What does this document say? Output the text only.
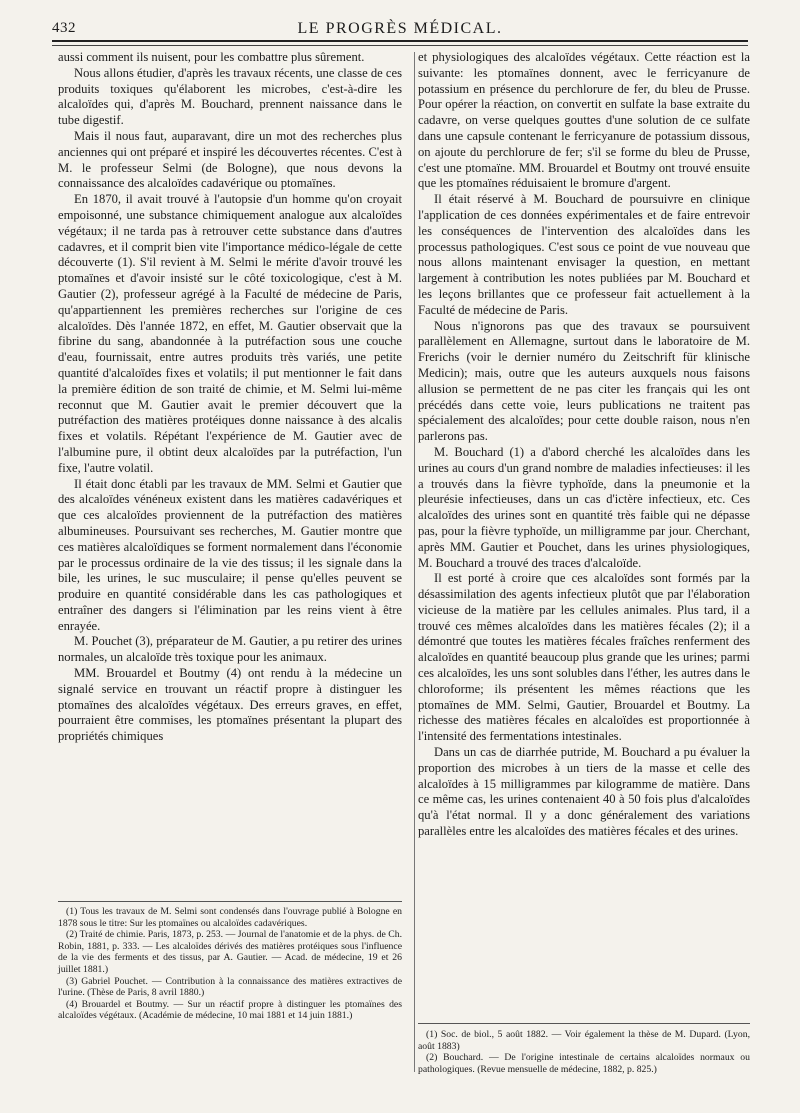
432	LE PROGRÈS MÉDICAL.

aussi comment ils nuisent, pour les combattre plus sûrement.

Nous allons étudier, d'après les travaux récents, une classe de ces produits toxiques qu'élaborent les microbes, c'est-à-dire les alcaloïdes qui, d'après M. Bouchard, prennent naissance dans le tube digestif.

Mais il nous faut, auparavant, dire un mot des recherches plus anciennes qui ont préparé et inspiré les découvertes récentes. C'est à M. le professeur Selmi (de Bologne), que nous devons la connaissance des alcaloïdes cadavérique ou ptomaïnes.

En 1870, il avait trouvé à l'autopsie d'un homme qu'on croyait empoisonné, une substance chimiquement analogue aux alcaloïdes végétaux; il ne tarda pas à retrouver cette substance dans d'autres cadavres, et il comprit bien vite l'importance médico-légale de cette découverte (1). S'il revient à M. Selmi le mérite d'avoir trouvé les ptomaïnes et d'avoir insisté sur le côté toxicologique, c'est à M. Gautier (2), professeur agrégé à la Faculté de médecine de Paris, qu'appartiennent les premières recherches sur l'origine de ces alcaloïdes. Dès l'année 1872, en effet, M. Gautier observait que la fibrine du sang, abandonnée à la putréfaction sous une couche d'eau, fournissait, entre autres produits très variés, une petite quantité d'alcaloïdes fixes et volatils; il put mentionner le fait dans la première édition de son traité de chimie, et M. Selmi lui-même reconnut que M. Gautier avait le premier découvert que la putréfaction des matières protéiques donne naissance à des alcalis fixes et volatils. Répétant l'expérience de M. Gautier avec de l'albumine pure, il obtint deux alcaloïdes par la putréfaction, l'un fixe, l'autre volatil.

Il était donc établi par les travaux de MM. Selmi et Gautier que des alcaloïdes vénéneux existent dans les matières cadavériques et que ces alcaloïdes proviennent de la putréfaction des matières albumineuses. Poursuivant ses recherches, M. Gautier montre que ces matières alcaloïdiques se forment normalement dans l'économie par le processus ordinaire de la vie des tissus; il les signale dans la bile, les urines, le suc musculaire; il pense qu'elles peuvent se produire en quantité considérable dans les cas pathologiques et entraîner des dangers si l'élimination par les reins vient à être enrayée.

M. Pouchet (3), préparateur de M. Gautier, a pu retirer des urines normales, un alcaloïde très toxique pour les animaux.

MM. Brouardel et Boutmy (4) ont rendu à la médecine un signalé service en trouvant un réactif propre à distinguer les ptomaïnes des alcaloïdes végétaux. Des erreurs graves, en effet, pourraient être commises, les ptomaïnes présentant la plupart des propriétés chimiques

(1) Tous les travaux de M. Selmi sont condensés dans l'ouvrage publié à Bologne en 1878 sous le titre: Sur les ptomaïnes ou alcaloïdes cadavériques.

(2) Traité de chimie. Paris, 1873, p. 253. — Journal de l'anatomie et de la phys. de Ch. Robin, 1881, p. 333. — Les alcaloïdes dérivés des matières protéiques sous l'influence de la vie des ferments et des tissus, par A. Gautier. — Acad. de médecine, 19 et 26 juillet 1881.)

(3) Gabriel Pouchet. — Contribution à la connaissance des matières extractives de l'urine. (Thèse de Paris, 8 avril 1880.)

(4) Brouardel et Boutmy. — Sur un réactif propre à distinguer les ptomaïnes des alcaloïdes végétaux. (Académie de médecine, 10 mai 1881 et 14 juin 1881.)

et physiologiques des alcaloïdes végétaux. Cette réaction est la suivante: les ptomaïnes donnent, avec le ferricyanure de potassium en présence du perchlorure de fer, du bleu de Prusse. Pour opérer la réaction, on convertit en sulfate la base extraite du cadavre, on verse quelques gouttes d'une solution de ce sulfate dans une capsule contenant le ferricyanure de potassium dissous, on ajoute du perchlorure de fer; s'il se forme du bleu de Prusse, c'est une ptomaïne. MM. Brouardel et Boutmy ont trouvé ensuite que les ptomaïnes réduisaient le bromure d'argent.

Il était réservé à M. Bouchard de poursuivre en clinique l'application de ces données expérimentales et de faire entrevoir les conséquences de l'intervention des alcaloïdes dans les processus pathologiques. C'est sous ce point de vue nouveau que nous allons maintenant envisager la question, en mettant largement à contribution les notes publiées par M. Bouchard et les leçons brillantes que ce professeur fait actuellement à la Faculté de médecine de Paris.

Nous n'ignorons pas que des travaux se poursuivent parallèlement en Allemagne, surtout dans le laboratoire de M. Frerichs (voir le dernier numéro du Zeitschrift für klinische Medicin); mais, outre que les auteurs auxquels nous faisons allusion se permettent de ne pas citer les français qui les ont précédés dans cette voie, leurs publications ne traitent pas spécialement des alcaloïdes; pour cette double raison, nous n'en parlerons pas.

M. Bouchard (1) a d'abord cherché les alcaloïdes dans les urines au cours d'un grand nombre de maladies infectieuses: il les a trouvés dans la fièvre typhoïde, dans la pneumonie et la pleurésie infectieuses, dans un cas d'ictère infectieux, etc. Ces alcaloïdes des urines sont en quantité très faible qui ne dépasse pas, pour la fièvre typhoïde, un milligramme par jour. Cherchant, après MM. Gautier et Pouchet, dans les urines physiologiques, M. Bouchard a trouvé des traces d'alcaloïde.

Il est porté à croire que ces alcaloïdes sont formés par la désassimilation des agents infectieux plutôt que par l'élaboration vicieuse de la matière par les cellules animales. Plus tard, il a trouvé ces mêmes alcaloïdes dans les matières fécales (2); il a démontré que toutes les matières fécales fraîches renferment des alcaloïdes en quantité beaucoup plus grande que les urines; parmi ces alcaloïdes, les uns sont solubles dans l'éther, les autres dans le chloroforme; ils présentent les mêmes réactions que les ptomaïnes de MM. Selmi, Gautier, Brouardel et Boutmy. La richesse des matières fécales en alcaloïdes est proportionnée à l'intensité des fermentations intestinales.

Dans un cas de diarrhée putride, M. Bouchard a pu évaluer la proportion des microbes à un tiers de la masse et celle des alcaloïdes à 15 milligrammes par kilogramme de matière. Dans ce même cas, les urines contenaient 40 à 50 fois plus d'alcaloïdes qu'à l'état normal. Il y a donc généralement des variations parallèles entre les alcaloïdes des matières fécales et des urines.

(1) Soc. de biol., 5 août 1882. — Voir également la thèse de M. Dupard. (Lyon, août 1883)

(2) Bouchard. — De l'origine intestinale de certains alcaloïdes normaux ou pathologiques. (Revue mensuelle de médecine, 1882, p. 825.)
